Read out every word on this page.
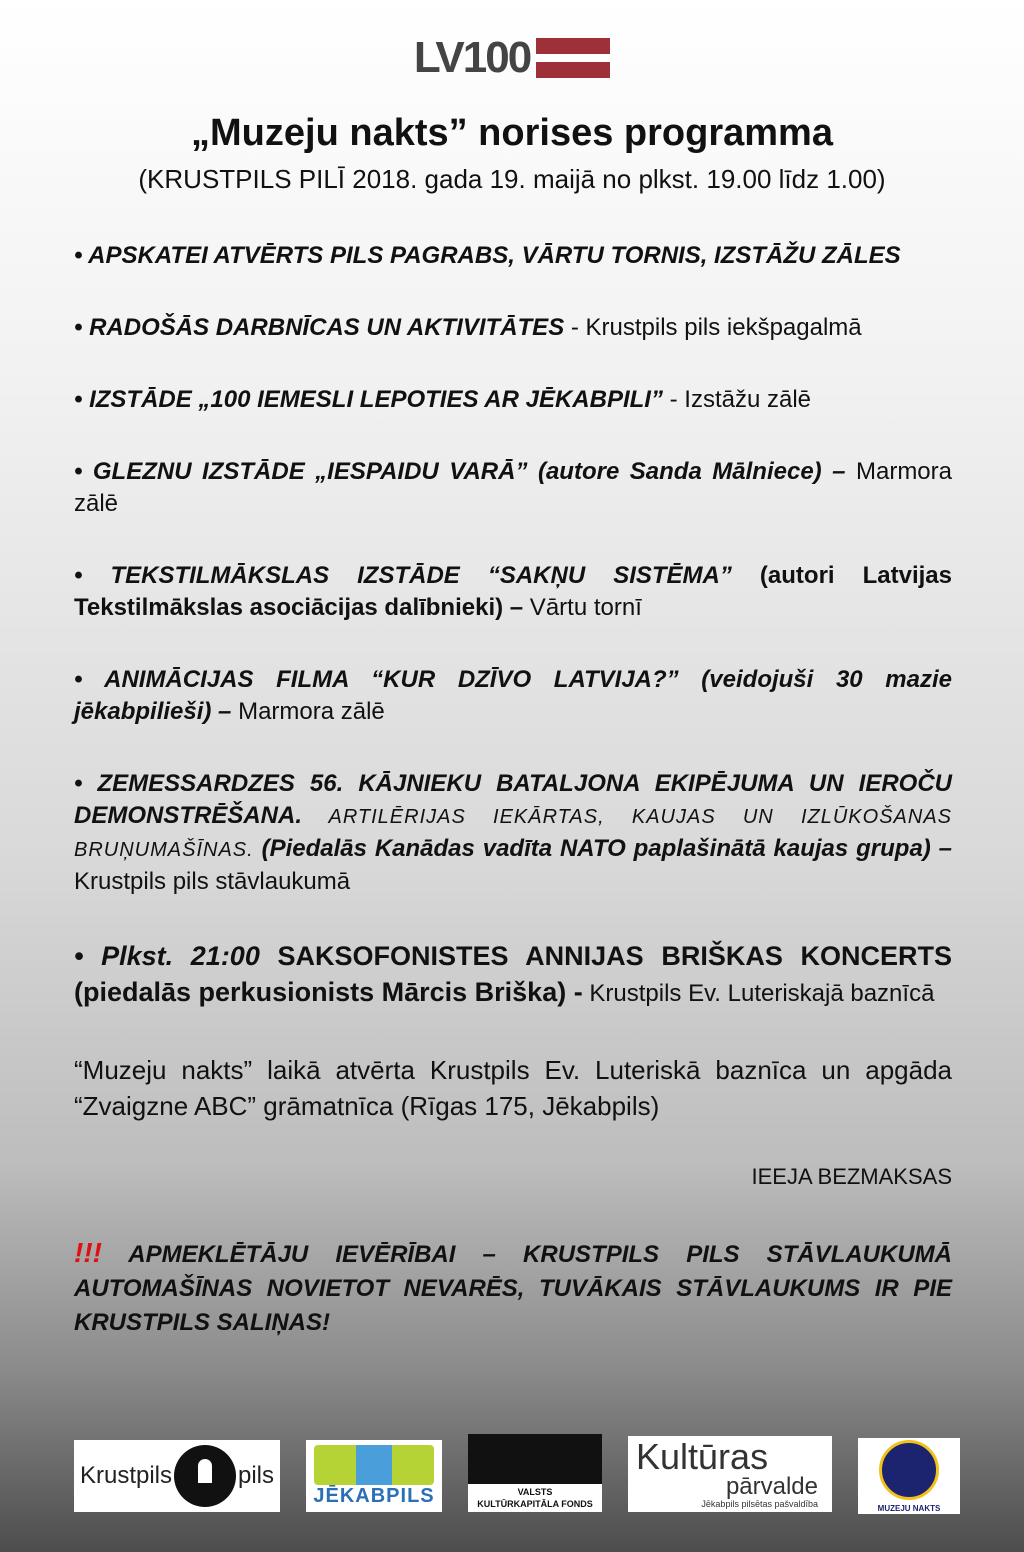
LV100
„Muzeju nakts” norises programma
(KRUSTPILS PILĪ 2018. gada 19. maijā no plkst. 19.00 līdz 1.00)
• APSKATEI ATVĒRTS PILS PAGRABS, VĀRTU TORNIS, IZSTĀŽU ZĀLES
• RADOŠĀS DARBNĪCAS UN AKTIVITĀTES - Krustpils pils iekšpagalmā
• IZSTĀDE „100 IEMESLI LEPOTIES AR JĒKABPILI” - Izstāžu zālē
• GLEZNU IZSTĀDE „IESPAIDU VARĀ” (autore Sanda Mālniece) – Marmora zālē
• TEKSTILMĀKSLAS IZSTĀDE “SAKŅU SISTĒMA” (autori Latvijas Tekstilmākslas asociācijas dalībnieki) – Vārtu tornī
• ANIMĀCIJAS FILMA “KUR DZĪVO LATVIJA?” (veidojuši 30 mazie jēkabpilieši) – Marmora zālē
• ZEMESSARDZES 56. KĀJNIEKU BATALJONA EKIPĒJUMA UN IEROČU DEMONSTRĒŠANA. ARTILĒRIJAS IEKĀRTAS, KAUJAS UN IZLŪKOŠANAS BRUŅUMAŠĪNAS. (Piedalās Kanādas vadīta NATO paplašinātā kaujas grupa) – Krustpils pils stāvlaukumā
• Plkst. 21:00 SAKSOFONISTES ANNIJAS BRIŠKAS KONCERTS (piedalās perkusionists Mārcis Briška) - Krustpils Ev. Luteriskajā baznīcā
“Muzeju nakts” laikā atvērta Krustpils Ev. Luteriskā baznīca un apgāda “Zvaigzne ABC” grāmatnīca (Rīgas 175, Jēkabpils)
IEEJA BEZMAKSAS
!!! APMEKLĒTĀJU IEVĒRĪBAI – KRUSTPILS PILS STĀVLAUKUMĀ AUTOMAŠĪNAS NOVIETOT NEVARĒS, TUVĀKAIS STĀVLAUKUMS IR PIE KRUSTPILS SALIŅAS!
Krustpils	pils
JĒKABPILS	VALSTS
KULTŪRKAPITĀLA FONDS
Kultūras
pārvalde
Jēkabpils pilsētas pašvaldība	MUZEJU NAKTS
